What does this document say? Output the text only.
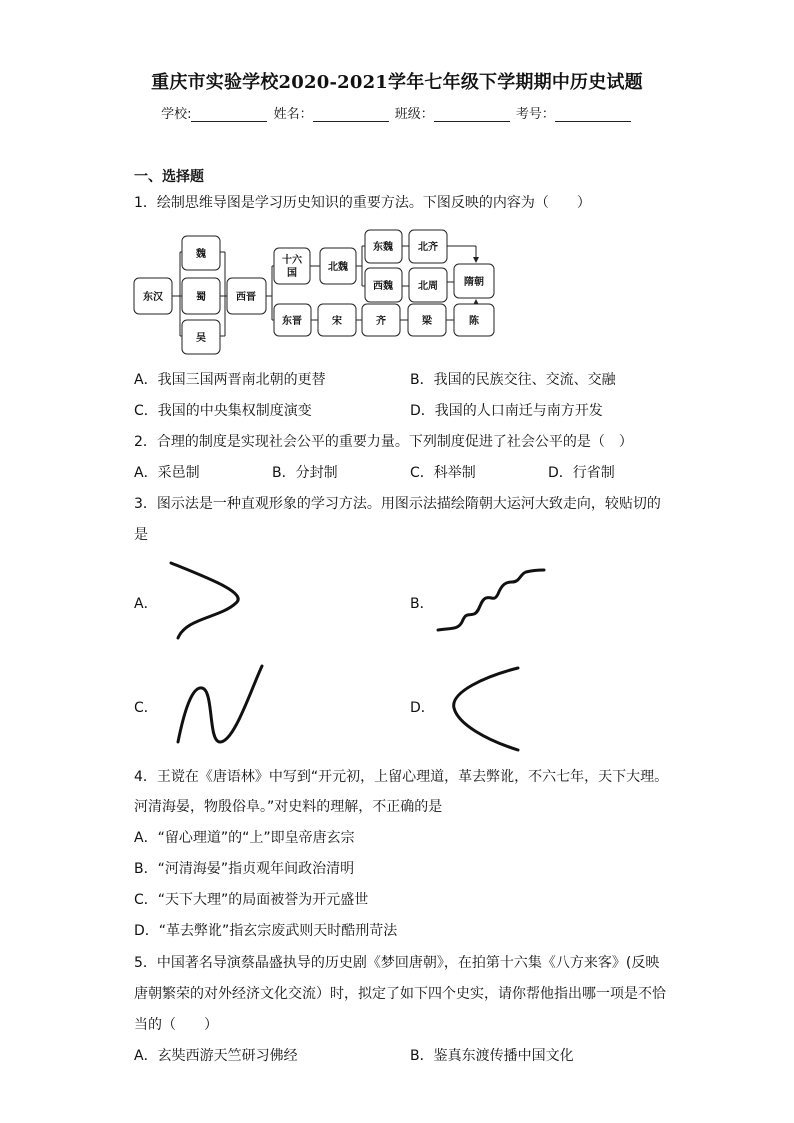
重庆市实验学校2020-2021学年七年级下学期期中历史试题
学校:	姓名：	班级：	考号：
一、选择题
1．绘制思维导图是学习历史知识的重要方法。下图反映的内容为（　　）
东汉
魏
蜀
吴
西晋
十六
国
北魏
东魏	北齐
西魏	北周	隋朝
东晋	宋	齐	梁	陈
A．我国三国两晋南北朝的更替	B．我国的民族交往、交流、交融
C．我国的中央集权制度演变	D．我国的人口南迁与南方开发
2．合理的制度是实现社会公平的重要力量。下列制度促进了社会公平的是（　）
A．采邑制	B．分封制	C．科举制	D．行省制
3．图示法是一种直观形象的学习方法。用图示法描绘隋朝大运河大致走向，较贴切的
是
A．	B．
C．	D．
4．王谠在《唐语林》中写到“开元初，上留心理道，革去弊讹，不六七年，天下大理。
河清海晏，物殷俗阜。”对史料的理解，不正确的是
A．“留心理道”的“上”即皇帝唐玄宗
B．“河清海晏”指贞观年间政治清明
C．“天下大理”的局面被誉为开元盛世
D．“革去弊讹”指玄宗废武则天时酷刑苛法
5．中国著名导演蔡晶盛执导的历史剧《梦回唐朝》，在拍第十六集《八方来客》(反映
唐朝繁荣的对外经济文化交流）时，拟定了如下四个史实，请你帮他指出哪一项是不恰
当的（　　）
A．玄奘西游天竺研习佛经	B．鉴真东渡传播中国文化
